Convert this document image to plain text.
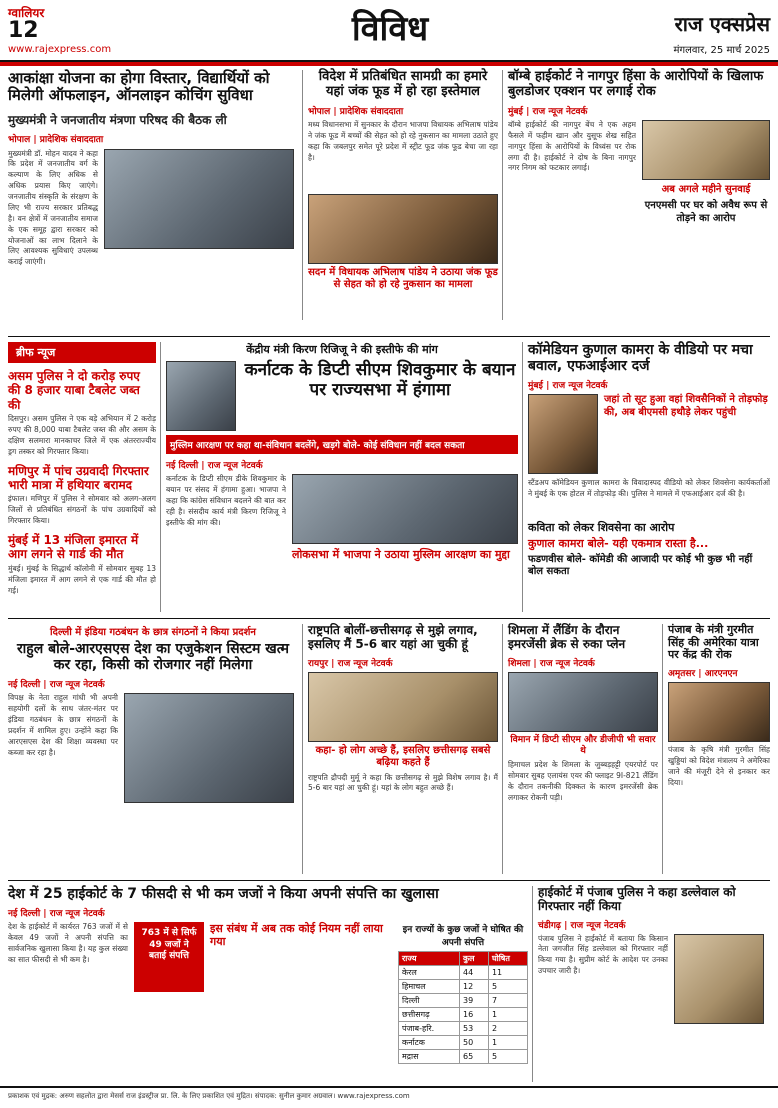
ग्वालियर
12
www.rajexpress.com
विविध	राज एक्सप्रेस
मंगलवार, 25 मार्च 2025
आकांक्षा योजना का होगा विस्तार, विद्यार्थियों को मिलेगी ऑफलाइन, ऑनलाइन कोचिंग सुविधा
मुख्यमंत्री ने जनजातीय मंत्रणा परिषद की बैठक ली
भोपाल | प्रादेशिक संवाददाता
मुख्यमंत्री डॉ. मोहन यादव ने कहा कि प्रदेश में जनजातीय वर्ग के कल्याण के लिए अधिक से अधिक प्रयास किए जाएंगे। जनजातीय संस्कृति के संरक्षण के लिए भी राज्य सरकार प्रतिबद्ध है। वन क्षेत्रों में जनजातीय समाज के एक समूह द्वारा सरकार को योजनाओं का लाभ दिलाने के लिए आवश्यक सुविधाएं उपलब्ध कराई जाएंगी।
विदेश में प्रतिबंधित सामग्री का हमारे यहां जंक फूड में हो रहा इस्तेमाल
भोपाल | प्रादेशिक संवाददाता
मध्य विधानसभा में सुनकार के दौरान भाजपा विधायक अभिलाष पांडेय ने जंक फूड में बच्चों की सेहत को हो रहे नुकसान का मामला उठाते हुए कहा कि जबलपुर समेत पूरे प्रदेश में स्ट्रीट फूड जंक फूड बेचा जा रहा है।
सदन में विधायक अभिलाष पांडेय ने उठाया जंक फूड से सेहत को हो रहे नुकसान का मामला
बॉम्बे हाईकोर्ट ने नागपुर हिंसा के आरोपियों के खिलाफ बुलडोजर एक्शन पर लगाई रोक
मुंबई | राज न्यूज नेटवर्क
बॉम्बे हाईकोर्ट की नागपुर बेंच ने एक अहम फैसले में फहीम खान और युसूफ शेख सहित नागपुर हिंसा के आरोपियों के विध्वंस पर रोक लगा दी है। हाईकोर्ट ने दोष के बिना नागपुर नगर निगम को फटकार लगाई।
अब अगले महीने सुनवाई
एनएमसी पर घर को अवैध रूप से तोड़ने का आरोप
ब्रीफ न्यूज
असम पुलिस ने दो करोड़ रुपए की 8 हजार याबा टैबलेट जब्त की
दिसपुर। असम पुलिस ने एक बड़े अभियान में 2 करोड़ रुपए की 8,000 याबा टैबलेट जब्त की और असम के दक्षिण सलमारा मानकाचर जिले में एक अंतरराज्यीय ड्रग तस्कर को गिरफ्तार किया।
मणिपुर में पांच उग्रवादी गिरफ्तार भारी मात्रा में हथियार बरामद
इंफाल। मणिपुर में पुलिस ने सोमवार को अलग-अलग जिलों से प्रतिबंधित संगठनों के पांच उग्रवादियों को गिरफ्तार किया।
मुंबई में 13 मंजिला इमारत में आग लगने से गार्ड की मौत
मुंबई। मुंबई के सिद्धार्थ कॉलोनी में सोमवार सुबह 13 मंजिला इमारत में आग लगने से एक गार्ड की मौत हो गई।
केंद्रीय मंत्री किरण रिजिजू ने की इस्तीफे की मांग
कर्नाटक के डिप्टी सीएम शिवकुमार के बयान पर राज्यसभा में हंगामा
मुस्लिम आरक्षण पर कहा था-संविधान बदलेंगे, खड़गे बोले- कोई संविधान नहीं बदल सकता
नई दिल्ली | राज न्यूज नेटवर्क
कर्नाटक के डिप्टी सीएम डीके शिवकुमार के बयान पर संसद में हंगामा हुआ। भाजपा ने कहा कि कांग्रेस संविधान बदलने की बात कर रही है। संसदीय कार्य मंत्री किरण रिजिजू ने इस्तीफे की मांग की।
लोकसभा में भाजपा ने उठाया मुस्लिम आरक्षण का मुद्दा
कॉमेडियन कुणाल कामरा के वीडियो पर मचा बवाल, एफआईआर दर्ज
मुंबई | राज न्यूज नेटवर्क
जहां तो सूट हुआ वहां शिवसैनिकों ने तोड़फोड़ की, अब बीएमसी हथौड़े लेकर पहुंची
स्टैंडअप कॉमेडियन कुणाल कामरा के विवादास्पद वीडियो को लेकर शिवसेना कार्यकर्ताओं ने मुंबई के एक होटल में तोड़फोड़ की। पुलिस ने मामले में एफआईआर दर्ज की है।
कविता को लेकर शिवसेना का आरोप
कुणाल कामरा बोले- यही एकमात्र रास्ता है...
फडणवीस बोले- कॉमेडी की आजादी पर कोई भी कुछ भी नहीं बोल सकता
दिल्ली में इंडिया गठबंधन के छात्र संगठनों ने किया प्रदर्शन
राहुल बोले-आरएसएस देश का एजुकेशन सिस्टम खत्म कर रहा, किसी को रोजगार नहीं मिलेगा
नई दिल्ली | राज न्यूज नेटवर्क
विपक्ष के नेता राहुल गांधी भी अपनी सहयोगी दलों के साथ जंतर-मंतर पर इंडिया गठबंधन के छात्र संगठनों के प्रदर्शन में शामिल हुए। उन्होंने कहा कि आरएसएस देश की शिक्षा व्यवस्था पर कब्जा कर रहा है।
राष्ट्रपति बोलीं-छत्तीसगढ़ से मुझे लगाव, इसलिए मैं 5-6 बार यहां आ चुकी हूं
रायपुर | राज न्यूज नेटवर्क
कहा- हो लोग अच्छे हैं, इसलिए छत्तीसगढ़ सबसे बढ़िया कहते हैं
राष्ट्रपति द्रौपदी मुर्मू ने कहा कि छत्तीसगढ़ से मुझे विशेष लगाव है। मैं 5-6 बार यहां आ चुकी हूं। यहां के लोग बहुत अच्छे हैं।
शिमला में लैंडिंग के दौरान इमरजेंसी ब्रेक से रुका प्लेन
शिमला | राज न्यूज नेटवर्क
विमान में डिप्टी सीएम और डीजीपी भी सवार थे
हिमाचल प्रदेश के शिमला के जुब्बड़हट्टी एयरपोर्ट पर सोमवार सुबह एलायंस एयर की फ्लाइट 9I-821 लैंडिंग के दौरान तकनीकी दिक्कत के कारण इमरजेंसी ब्रेक लगाकर रोकनी पड़ी।
पंजाब के मंत्री गुरमीत सिंह की अमेरिका यात्रा पर केंद्र की रोक
अमृतसर | आरएनएन
पंजाब के कृषि मंत्री गुरमीत सिंह खुड्डियां को विदेश मंत्रालय ने अमेरिका जाने की मंजूरी देने से इनकार कर दिया।
देश में 25 हाईकोर्ट के 7 फीसदी से भी कम जजों ने किया अपनी संपत्ति का खुलासा
नई दिल्ली | राज न्यूज नेटवर्क
देश के हाईकोर्ट में कार्यरत 763 जजों में से केवल 49 जजों ने अपनी संपत्ति का सार्वजनिक खुलासा किया है। यह कुल संख्या का सात फीसदी से भी कम है।
763 में से सिर्फ 49 जजों ने बताई संपत्ति
इस संबंध में अब तक कोई नियम नहीं लाया गया
इन राज्यों के कुछ जजों ने घोषित की अपनी संपत्ति
राज्य	कुल	घोषित
केरल	44	11
हिमाचल	12	5
दिल्ली	39	7
छत्तीसगढ़	16	1
पंजाब-हरि.	53	2
कर्नाटक	50	1
मद्रास	65	5
हाईकोर्ट में पंजाब पुलिस ने कहा डल्लेवाल को गिरफ्तार नहीं किया
चंडीगढ़ | राज न्यूज नेटवर्क
पंजाब पुलिस ने हाईकोर्ट में बताया कि किसान नेता जगजीत सिंह डल्लेवाल को गिरफ्तार नहीं किया गया है। सुप्रीम कोर्ट के आदेश पर उनका उपचार जारी है।
प्रकाशक एवं मुद्रक: अरुण सहलोत द्वारा मेसर्स राज इंडस्ट्रीज प्रा. लि. के लिए प्रकाशित एवं मुद्रित। संपादक: सुनील कुमार अग्रवाल। www.rajexpress.com
